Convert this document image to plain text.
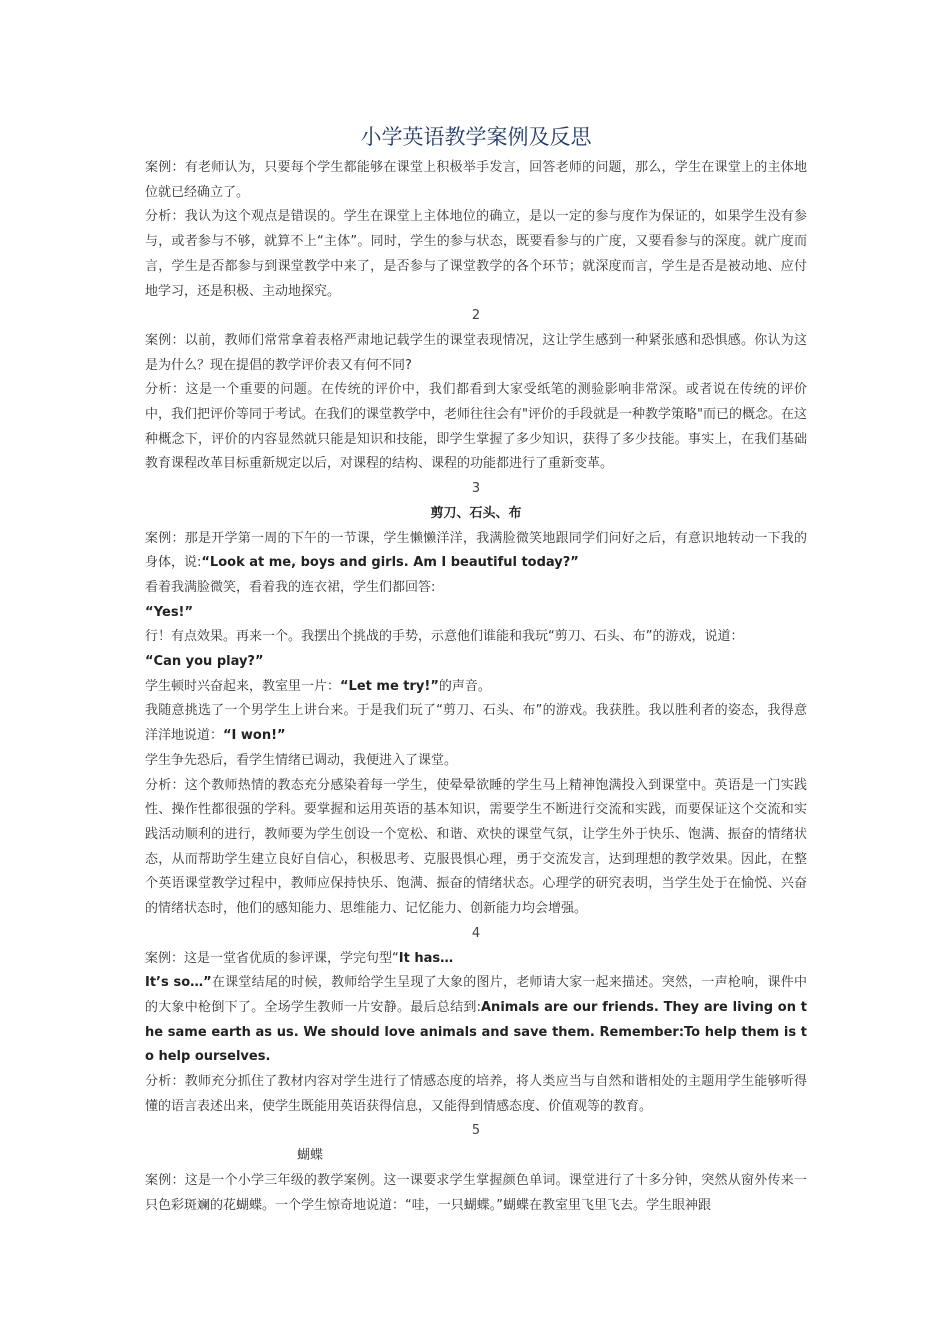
小学英语教学案例及反思

案例：有老师认为，只要每个学生都能够在课堂上积极举手发言，回答老师的问题，那么，学生在课堂上的主体地位就已经确立了。

分析：我认为这个观点是错误的。学生在课堂上主体地位的确立，是以一定的参与度作为保证的，如果学生没有参与，或者参与不够，就算不上“主体”。同时，学生的参与状态，既要看参与的广度，又要看参与的深度。就广度而言，学生是否都参与到课堂教学中来了，是否参与了课堂教学的各个环节；就深度而言，学生是否是被动地、应付地学习，还是积极、主动地探究。

2

案例：以前，教师们常常拿着表格严肃地记载学生的课堂表现情况，这让学生感到一种紧张感和恐惧感。你认为这是为什么？现在提倡的教学评价表又有何不同?

分析：这是一个重要的问题。在传统的评价中，我们都看到大家受纸笔的测验影响非常深。或者说在传统的评价中，我们把评价等同于考试。在我们的课堂教学中，老师往往会有"评价的手段就是一种教学策略"而已的概念。在这种概念下，评价的内容显然就只能是知识和技能，即学生掌握了多少知识，获得了多少技能。事实上，在我们基础教育课程改革目标重新规定以后，对课程的结构、课程的功能都进行了重新变革。

3

剪刀、石头、布

案例：那是开学第一周的下午的一节课，学生懒懒洋洋，我满脸微笑地跟同学们问好之后，有意识地转动一下我的身体，说:“Look at me, boys and girls. Am I beautiful today?”

看着我满脸微笑，看着我的连衣裙，学生们都回答:

“Yes!”

行！有点效果。再来一个。我摆出个挑战的手势，示意他们谁能和我玩“剪刀、石头、布”的游戏，说道：

“Can you play?”

学生顿时兴奋起来，教室里一片：“Let me try!”的声音。

我随意挑选了一个男学生上讲台来。于是我们玩了“剪刀、石头、布”的游戏。我获胜。我以胜利者的姿态，我得意洋洋地说道：“I won!”

学生争先恐后，看学生情绪已调动，我便进入了课堂。

分析：这个教师热情的教态充分感染着每一学生，使晕晕欲睡的学生马上精神饱满投入到课堂中。英语是一门实践性、操作性都很强的学科。要掌握和运用英语的基本知识，需要学生不断进行交流和实践，而要保证这个交流和实践活动顺利的进行，教师要为学生创设一个宽松、和谐、欢快的课堂气氛，让学生外于快乐、饱满、振奋的情绪状态，从而帮助学生建立良好自信心，积极思考、克服畏惧心理，勇于交流发言，达到理想的教学效果。因此，在整个英语课堂教学过程中，教师应保持快乐、饱满、振奋的情绪状态。心理学的研究表明，当学生处于在愉悦、兴奋的情绪状态时，他们的感知能力、思维能力、记忆能力、创新能力均会增强。

4

案例：这是一堂省优质的参评课，学完句型“It has…

It’s so…”在课堂结尾的时候，教师给学生呈现了大象的图片，老师请大家一起来描述。突然，一声枪响，课件中的大象中枪倒下了。全场学生教师一片安静。最后总结到:Animals are our friends. They are living on the same earth as us. We should love animals and save them. Remember:To help them is to help ourselves.

分析：教师充分抓住了教材内容对学生进行了情感态度的培养，将人类应当与自然和谐相处的主题用学生能够听得懂的语言表述出来，使学生既能用英语获得信息，又能得到情感态度、价值观等的教育。

5

蝴蝶

案例：这是一个小学三年级的教学案例。这一课要求学生掌握颜色单词。课堂进行了十多分钟，突然从窗外传来一只色彩斑斓的花蝴蝶。一个学生惊奇地说道：“哇，一只蝴蝶。”蝴蝶在教室里飞里飞去。学生眼神跟
